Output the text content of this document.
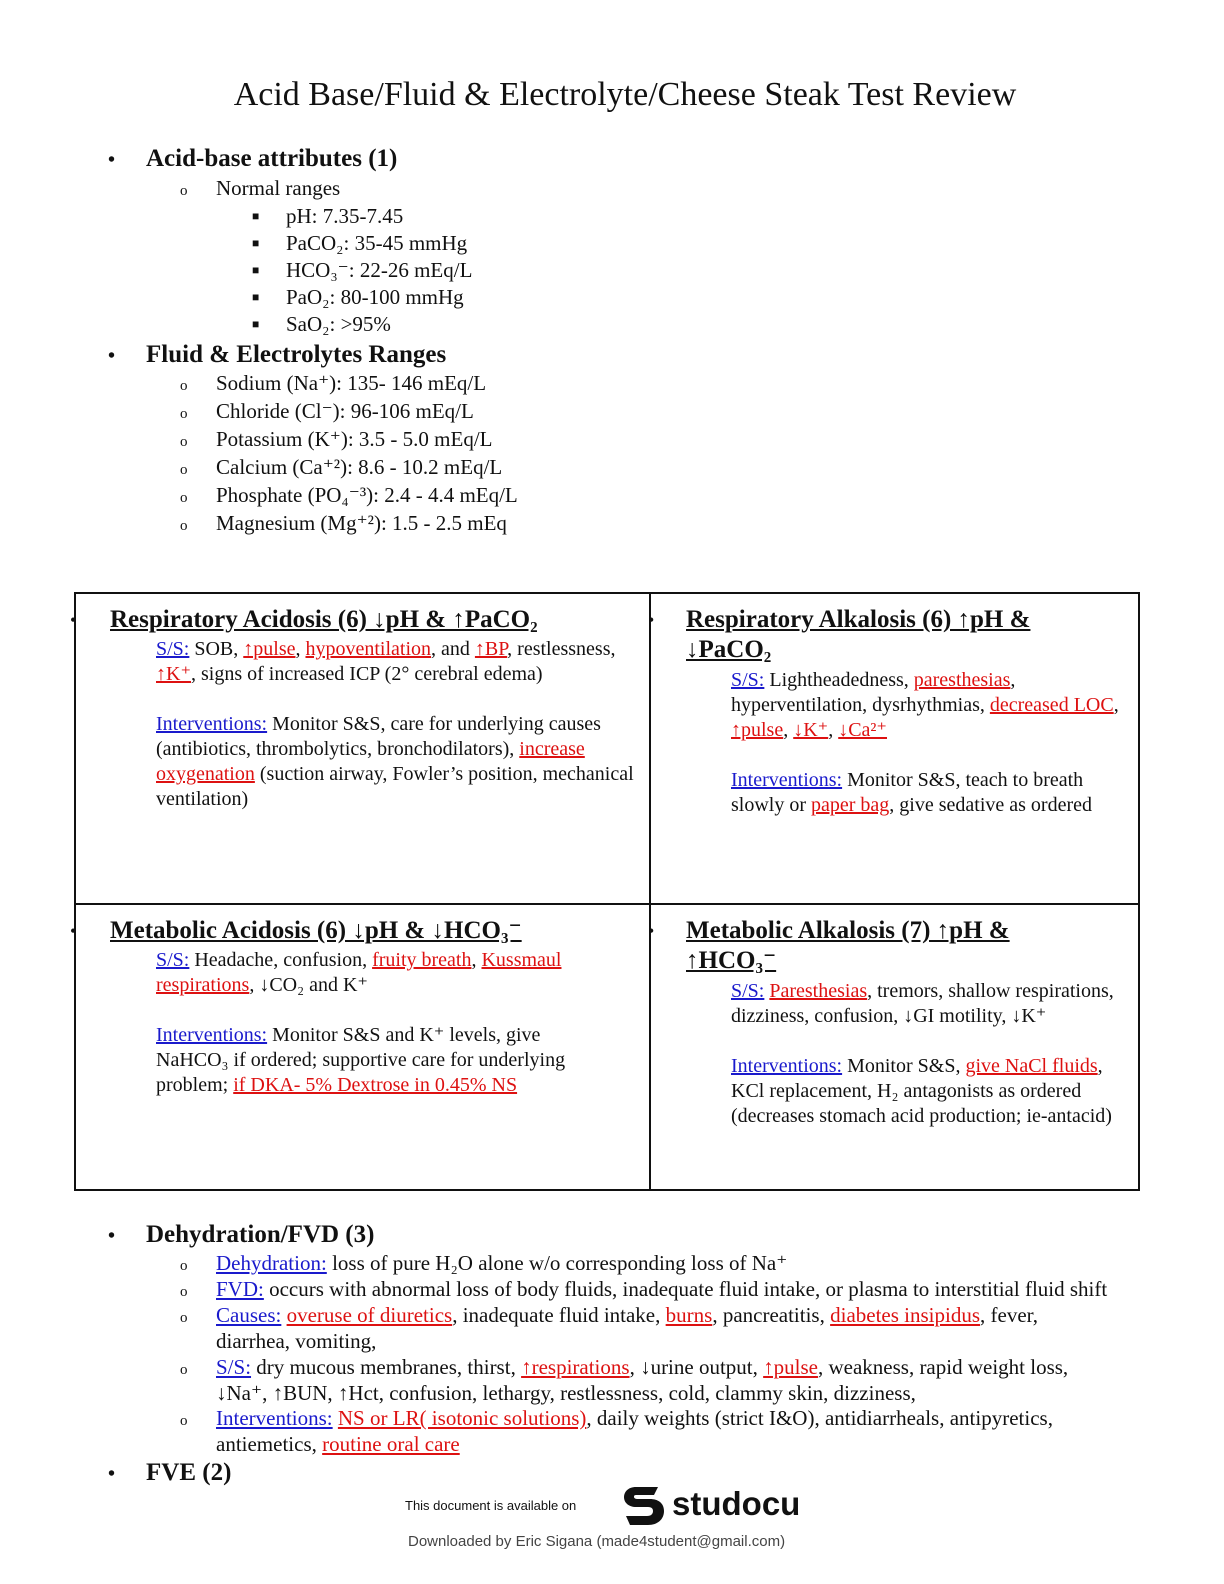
Acid Base/Fluid & Electrolyte/Cheese Steak Test Review
• Acid-base attributes (1)
o Normal ranges
■ pH: 7.35-7.45
■ PaCO₂: 35-45 mmHg
■ HCO₃⁻: 22-26 mEq/L
■ PaO₂: 80-100 mmHg
■ SaO₂: >95%
• Fluid & Electrolytes Ranges
o Sodium (Na⁺): 135- 146 mEq/L
o Chloride (Cl⁻): 96-106 mEq/L
o Potassium (K⁺): 3.5 - 5.0 mEq/L
o Calcium (Ca⁺²): 8.6 - 10.2 mEq/L
o Phosphate (PO₄⁻³): 2.4 - 4.4 mEq/L
o Magnesium (Mg⁺²): 1.5 - 2.5 mEq
• Respiratory Acidosis (6) ↓pH & ↑PaCO₂

S/S: SOB, ↑pulse, hypoventilation, and ↑BP, restlessness, ↑K⁺, signs of increased ICP (2° cerebral edema)

Interventions: Monitor S&S, care for underlying causes (antibiotics, thrombolytics, bronchodilators), increase oxygenation (suction airway, Fowler’s position, mechanical ventilation)

• Respiratory Alkalosis (6) ↑pH &
↓PaCO₂

S/S: Lightheadedness, paresthesias, hyperventilation, dysrhythmias, decreased LOC, ↑pulse, ↓K⁺, ↓Ca²⁺

Interventions: Monitor S&S, teach to breath slowly or paper bag, give sedative as ordered

• Metabolic Acidosis (6) ↓pH & ↓HCO₃⁻

S/S: Headache, confusion, fruity breath, Kussmaul respirations, ↓CO₂ and K⁺

Interventions: Monitor S&S and K⁺ levels, give NaHCO₃ if ordered; supportive care for underlying problem; if DKA- 5% Dextrose in 0.45% NS

• Metabolic Alkalosis (7) ↑pH &
↑HCO₃⁻

S/S: Paresthesias, tremors, shallow respirations, dizziness, confusion, ↓GI motility, ↓K⁺

Interventions: Monitor S&S, give NaCl fluids, KCl replacement, H₂ antagonists as ordered (decreases stomach acid production; ie-antacid)

• Dehydration/FVD (3)
o Dehydration: loss of pure H₂O alone w/o corresponding loss of Na⁺
o FVD: occurs with abnormal loss of body fluids, inadequate fluid intake, or plasma to interstitial fluid shift
o Causes: overuse of diuretics, inadequate fluid intake, burns, pancreatitis, diabetes insipidus, fever,
diarrhea, vomiting,
o S/S: dry mucous membranes, thirst, ↑respirations, ↓urine output, ↑pulse, weakness, rapid weight loss,
↓Na⁺, ↑BUN, ↑Hct, confusion, lethargy, restlessness, cold, clammy skin, dizziness,
o Interventions: NS or LR( isotonic solutions), daily weights (strict I&O), antidiarrheals, antipyretics,
antiemetics, routine oral care
• FVE (2)
This document is available on	studocu
Downloaded by Eric Sigana (made4student@gmail.com)
